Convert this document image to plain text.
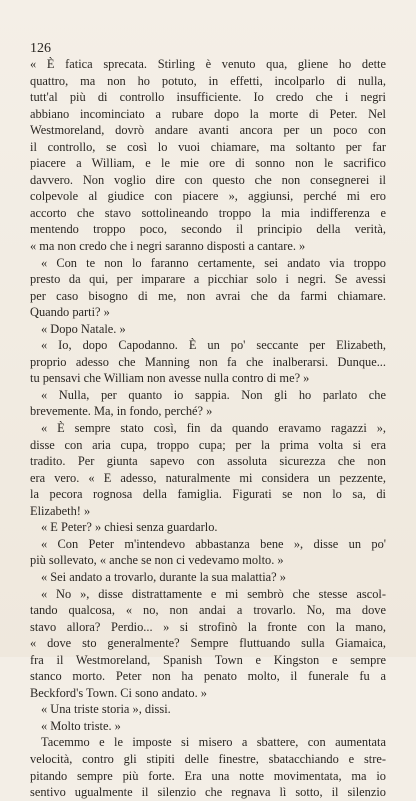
126
« È fatica sprecata. Stirling è venuto qua, gliene ho dette
quattro, ma non ho potuto, in effetti, incolparlo di nulla,
tutt'al più di controllo insufficiente. Io credo che i negri
abbiano incominciato a rubare dopo la morte di Peter. Nel
Westmoreland, dovrò andare avanti ancora per un poco con
il controllo, se così lo vuoi chiamare, ma soltanto per far
piacere a William, e le mie ore di sonno non le sacrifico
davvero. Non voglio dire con questo che non consegnerei il
colpevole al giudice con piacere », aggiunsi, perché mi ero
accorto che stavo sottolineando troppo la mia indifferenza e
mentendo troppo poco, secondo il principio della verità,
« ma non credo che i negri saranno disposti a cantare. »
« Con te non lo faranno certamente, sei andato via troppo
presto da qui, per imparare a picchiar solo i negri. Se avessi
per caso bisogno di me, non avrai che da farmi chiamare.
Quando parti? »
« Dopo Natale. »
« Io, dopo Capodanno. È un po' seccante per Elizabeth,
proprio adesso che Manning non fa che inalberarsi. Dunque...
tu pensavi che William non avesse nulla contro di me? »
« Nulla, per quanto io sappia. Non gli ho parlato che
brevemente. Ma, in fondo, perché? »
« È sempre stato così, fin da quando eravamo ragazzi »,
disse con aria cupa, troppo cupa; per la prima volta si era
tradito. Per giunta sapevo con assoluta sicurezza che non
era vero. « E adesso, naturalmente mi considera un pezzente,
la pecora rognosa della famiglia. Figurati se non lo sa, di
Elizabeth! »
« E Peter? » chiesi senza guardarlo.
« Con Peter m'intendevo abbastanza bene », disse un po'
più sollevato, « anche se non ci vedevamo molto. »
« Sei andato a trovarlo, durante la sua malattia? »
« No », disse distrattamente e mi sembrò che stesse ascol-
tando qualcosa, « no, non andai a trovarlo. No, ma dove
stavo allora? Perdio... » si strofinò la fronte con la mano,
« dove sto generalmente? Sempre fluttuando sulla Giamaica,
fra il Westmoreland, Spanish Town e Kingston e sempre
stanco morto. Peter non ha penato molto, il funerale fu a
Beckford's Town. Ci sono andato. »
« Una triste storia », dissi.
« Molto triste. »
Tacemmo e le imposte si misero a sbattere, con aumentata
velocità, contro gli stipiti delle finestre, sbatacchiando e stre-
pitando sempre più forte. Era una notte movimentata, ma io
sentivo ugualmente il silenzio che regnava lì sotto, il silenzio
